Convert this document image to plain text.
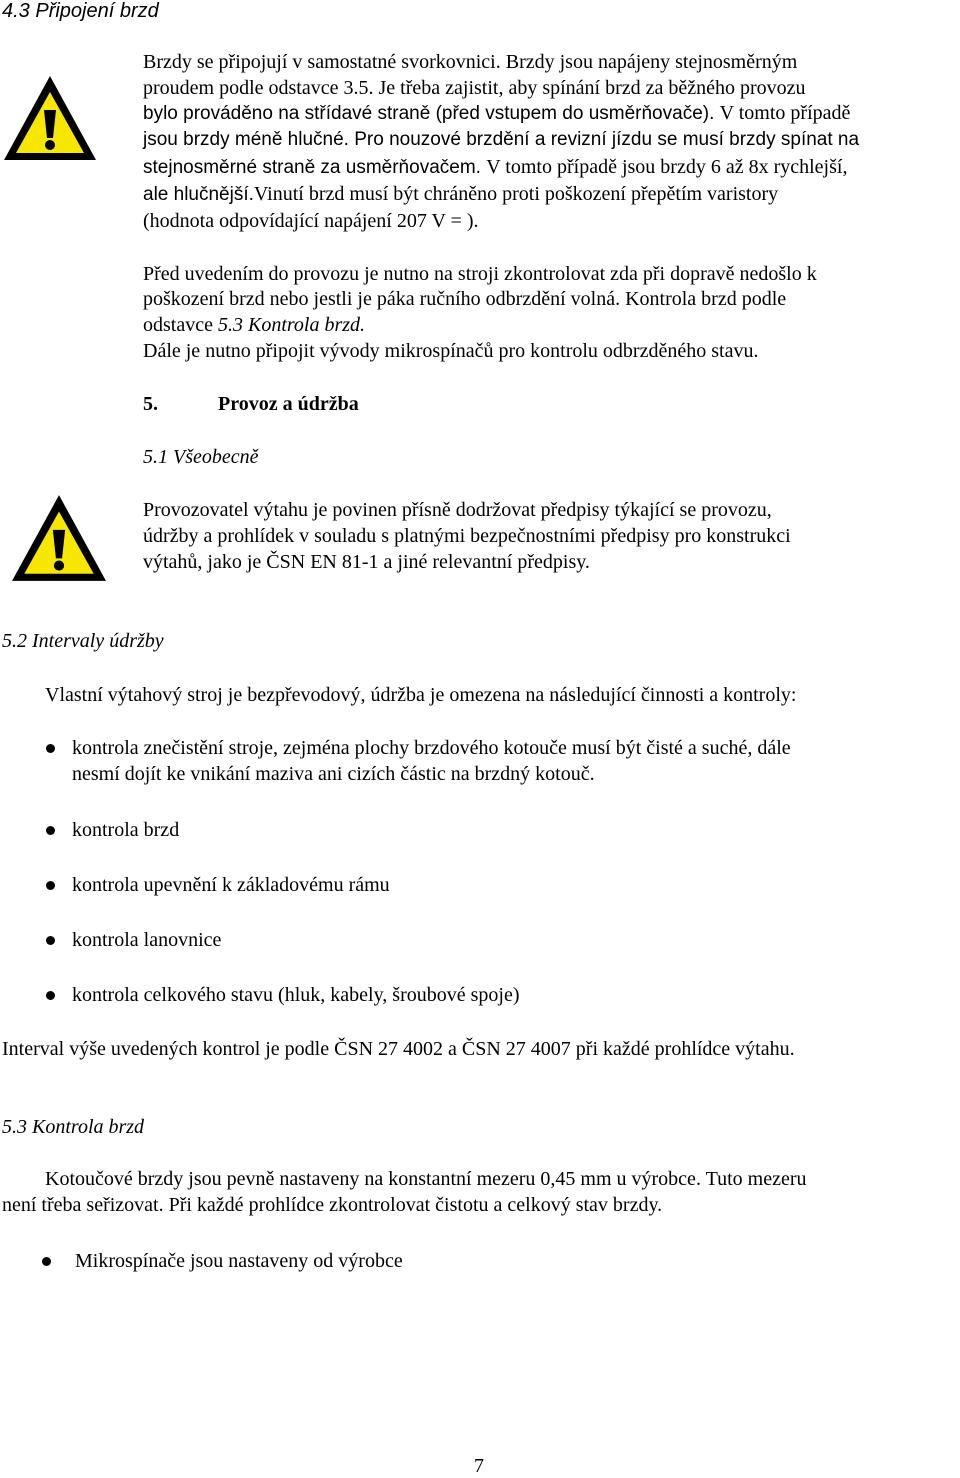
4.3 Připojení brzd
Brzdy se připojují v samostatné svorkovnici. Brzdy jsou napájeny stejnosměrným
proudem podle odstavce 3.5. Je třeba zajistit, aby spínání brzd za běžného provozu
bylo prováděno na střídavé straně (před vstupem do usměrňovače). V tomto případě
jsou brzdy méně hlučné. Pro nouzové brzdění a revizní jízdu se musí brzdy spínat na
stejnosměrné straně za usměrňovačem. V tomto případě jsou brzdy 6 až 8x rychlejší,
ale hlučnější.Vinutí brzd musí být chráněno proti poškození přepětím varistory
(hodnota odpovídající napájení 207 V = ).
Před uvedením do provozu je nutno na stroji zkontrolovat zda při dopravě nedošlo k
poškození brzd nebo jestli je páka ručního odbrzdění volná. Kontrola brzd podle
odstavce 5.3 Kontrola brzd.
Dále je nutno připojit vývody mikrospínačů pro kontrolu odbrzděného stavu.
5.	Provoz a údržba
5.1 Všeobecně
Provozovatel výtahu je povinen přísně dodržovat předpisy týkající se provozu,
údržby a prohlídek v souladu s platnými bezpečnostními předpisy pro konstrukci
výtahů, jako je ČSN EN 81-1 a jiné relevantní předpisy.
5.2 Intervaly údržby
Vlastní výtahový stroj je bezpřevodový, údržba je omezena na následující činnosti a kontroly:
kontrola znečistění stroje, zejména plochy brzdového kotouče musí být čisté a suché, dále
nesmí dojít ke vnikání maziva ani cizích částic na brzdný kotouč.
kontrola brzd
kontrola upevnění k základovému rámu
kontrola lanovnice
kontrola celkového stavu (hluk, kabely, šroubové spoje)
Interval výše uvedených kontrol je podle ČSN 27 4002 a ČSN 27 4007 při každé prohlídce výtahu.
5.3 Kontrola brzd
Kotoučové brzdy jsou pevně nastaveny na konstantní mezeru 0,45 mm u výrobce. Tuto mezeru
není třeba seřizovat. Při každé prohlídce zkontrolovat čistotu a celkový stav brzdy.
Mikrospínače jsou nastaveny od výrobce
7
